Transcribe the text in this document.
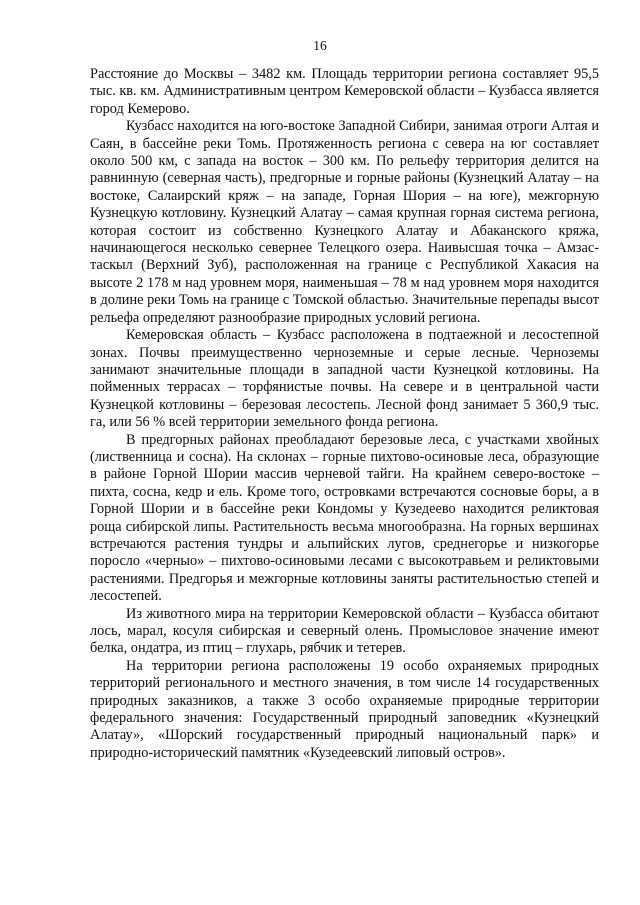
16

Расстояние до Москвы – 3482 км. Площадь территории региона составляет 95,5 тыс. кв. км. Административным центром Кемеровской области – Кузбасса является город Кемерово.

Кузбасс находится на юго-востоке Западной Сибири, занимая отроги Алтая и Саян, в бассейне реки Томь. Протяженность региона с севера на юг составляет около 500 км, с запада на восток – 300 км. По рельефу территория делится на равнинную (северная часть), предгорные и горные районы (Кузнецкий Алатау – на востоке, Салаирский кряж – на западе, Горная Шория – на юге), межгорную Кузнецкую котловину. Кузнецкий Алатау – самая крупная горная система региона, которая состоит из собственно Кузнецкого Алатау и Абаканского кряжа, начинающегося несколько севернее Телецкого озера. Наивысшая точка – Амзас-таскыл (Верхний Зуб), расположенная на границе с Республикой Хакасия на высоте 2 178 м над уровнем моря, наименьшая – 78 м над уровнем моря находится в долине реки Томь на границе с Томской областью. Значительные перепады высот рельефа определяют разнообразие природных условий региона.

Кемеровская область – Кузбасс расположена в подтаежной и лесостепной зонах. Почвы преимущественно черноземные и серые лесные. Черноземы занимают значительные площади в западной части Кузнецкой котловины. На пойменных террасах – торфянистые почвы. На севере и в центральной части Кузнецкой котловины – березовая лесостепь. Лесной фонд занимает 5 360,9 тыс. га, или 56 % всей территории земельного фонда региона.

В предгорных районах преобладают березовые леса, с участками хвойных (лиственница и сосна). На склонах – горные пихтово-осиновые леса, образующие в районе Горной Шории массив черневой тайги. На крайнем северо-востоке – пихта, сосна, кедр и ель. Кроме того, островками встречаются сосновые боры, а в Горной Шории и в бассейне реки Кондомы у Кузедеево находится реликтовая роща сибирской липы. Растительность весьма многообразна. На горных вершинах встречаются растения тундры и альпийских лугов, среднегорье и низкогорье поросло «черныо» – пихтово-осиновыми лесами с высокотравьем и реликтовыми растениями. Предгорья и межгорные котловины заняты растительностью степей и лесостепей.

Из животного мира на территории Кемеровской области – Кузбасса обитают лось, марал, косуля сибирская и северный олень. Промысловое значение имеют белка, ондатра, из птиц – глухарь, рябчик и тетерев.

На территории региона расположены 19 особо охраняемых природных территорий регионального и местного значения, в том числе 14 государственных природных заказников, а также 3 особо охраняемые природные территории федерального значения: Государственный природный заповедник «Кузнецкий Алатау», «Шорский государственный природный национальный парк» и природно-исторический памятник «Кузедеевский липовый остров».
